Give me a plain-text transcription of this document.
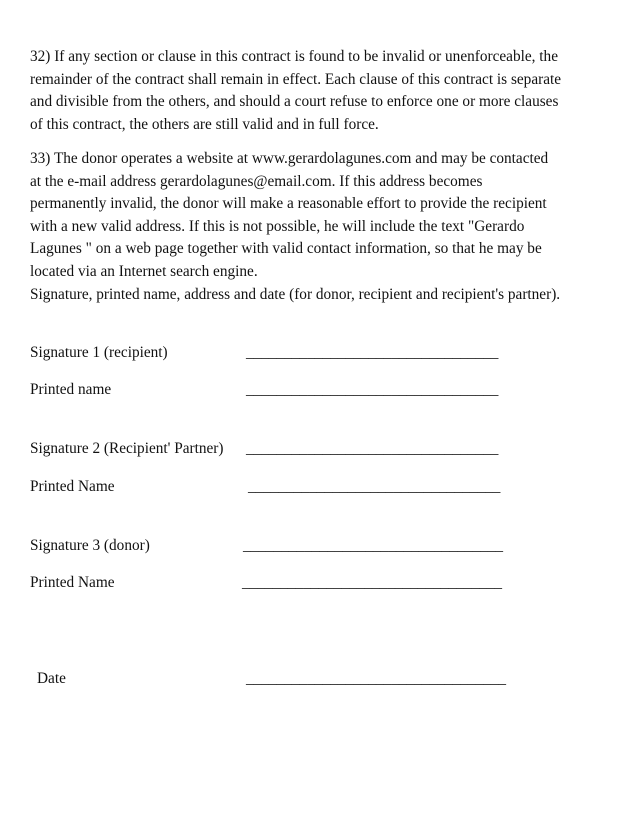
32) If any section or clause in this contract is found to be invalid or unenforceable, the
remainder of the contract shall remain in effect. Each clause of this contract is separate
and divisible from the others, and should a court refuse to enforce one or more clauses
of this contract, the others are still valid and in full force.

33) The donor operates a website at www.gerardolagunes.com and may be contacted
at the e-mail address gerardolagunes@email.com. If this address becomes
permanently invalid, the donor will make a reasonable effort to provide the recipient
with a new valid address. If this is not possible, he will include the text "Gerardo
Lagunes " on a web page together with valid contact information, so that he may be
located via an Internet search engine.

Signature, printed name, address and date (for donor, recipient and recipient's partner).

Signature 1 (recipient)	_________________________________
Printed name	_________________________________
Signature 2 (Recipient' Partner) _________________________________
Printed Name	_________________________________
Signature 3 (donor)	__________________________________
Printed Name	__________________________________
Date	__________________________________
